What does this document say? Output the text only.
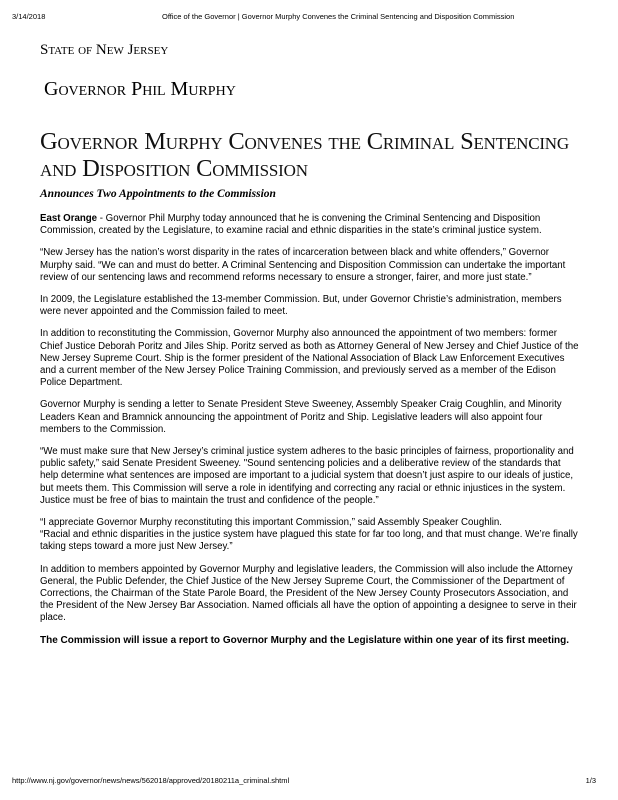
3/14/2018	Office of the Governor | Governor Murphy Convenes the Criminal Sentencing and Disposition Commission
State of New Jersey
Governor Phil Murphy
Governor Murphy Convenes the Criminal Sentencing and Disposition Commission
Announces Two Appointments to the Commission

East Orange - Governor Phil Murphy today announced that he is convening the Criminal Sentencing and Disposition Commission, created by the Legislature, to examine racial and ethnic disparities in the state’s criminal justice system.

“New Jersey has the nation’s worst disparity in the rates of incarceration between black and white offenders,” Governor Murphy said. “We can and must do better. A Criminal Sentencing and Disposition Commission can undertake the important review of our sentencing laws and recommend reforms necessary to ensure a stronger, fairer, and more just state.”

In 2009, the Legislature established the 13-member Commission. But, under Governor Christie’s administration, members were never appointed and the Commission failed to meet.

In addition to reconstituting the Commission, Governor Murphy also announced the appointment of two members: former Chief Justice Deborah Poritz and Jiles Ship. Poritz served as both as Attorney General of New Jersey and Chief Justice of the New Jersey Supreme Court. Ship is the former president of the National Association of Black Law Enforcement Executives and a current member of the New Jersey Police Training Commission, and previously served as a member of the Edison Police Department.

Governor Murphy is sending a letter to Senate President Steve Sweeney, Assembly Speaker Craig Coughlin, and Minority Leaders Kean and Bramnick announcing the appointment of Poritz and Ship. Legislative leaders will also appoint four members to the Commission.

“We must make sure that New Jersey’s criminal justice system adheres to the basic principles of fairness, proportionality and public safety,” said Senate President Sweeney. "Sound sentencing policies and a deliberative review of the standards that help determine what sentences are imposed are important to a judicial system that doesn’t just aspire to our ideals of justice, but meets them. This Commission will serve a role in identifying and correcting any racial or ethnic injustices in the system. Justice must be free of bias to maintain the trust and confidence of the people.”

“I appreciate Governor Murphy reconstituting this important Commission,” said Assembly Speaker Coughlin.

“Racial and ethnic disparities in the justice system have plagued this state for far too long, and that must change. We’re finally taking steps toward a more just New Jersey.”

In addition to members appointed by Governor Murphy and legislative leaders, the Commission will also include the Attorney General, the Public Defender, the Chief Justice of the New Jersey Supreme Court, the Commissioner of the Department of Corrections, the Chairman of the State Parole Board, the President of the New Jersey County Prosecutors Association, and the President of the New Jersey Bar Association. Named officials all have the option of appointing a designee to serve in their place.

The Commission will issue a report to Governor Murphy and the Legislature within one year of its first meeting.

http://www.nj.gov/governor/news/news/562018/approved/20180211a_criminal.shtml	1/3
